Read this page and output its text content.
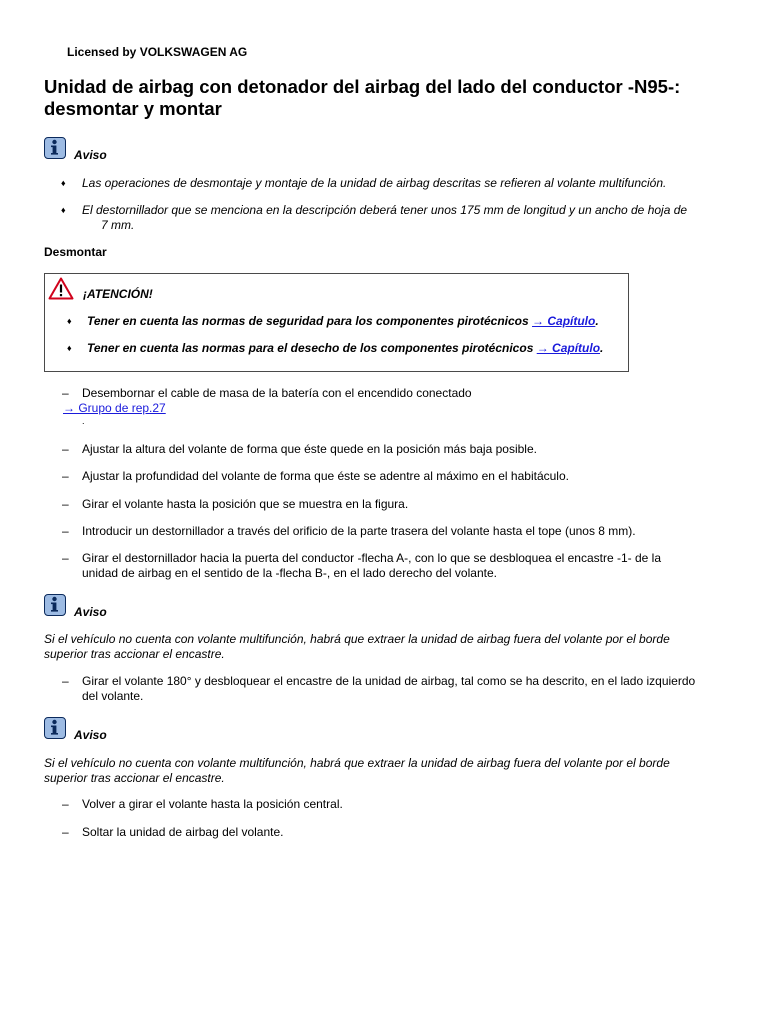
Licensed by VOLKSWAGEN AG
Unidad de airbag con detonador del airbag del lado del conductor -N95-:
desmontar y montar
Aviso
♦ Las operaciones de desmontaje y montaje de la unidad de airbag descritas se refieren al volante multifunción.
♦ El destornillador que se menciona en la descripción deberá tener unos 175 mm de longitud y un ancho de hoja de
7 mm.
Desmontar
¡ATENCIÓN!
♦ Tener en cuenta las normas de seguridad para los componentes pirotécnicos → Capítulo.
♦ Tener en cuenta las normas para el desecho de los componentes pirotécnicos → Capítulo.
– Desembornar el cable de masa de la batería con el encendido conectado
→ Grupo de rep.27
.
– Ajustar la altura del volante de forma que éste quede en la posición más baja posible.
– Ajustar la profundidad del volante de forma que éste se adentre al máximo en el habitáculo.
– Girar el volante hasta la posición que se muestra en la figura.
– Introducir un destornillador a través del orificio de la parte trasera del volante hasta el tope (unos 8 mm).
– Girar el destornillador hacia la puerta del conductor -flecha A-, con lo que se desbloquea el encastre -1- de la
unidad de airbag en el sentido de la -flecha B-, en el lado derecho del volante.
Aviso
Si el vehículo no cuenta con volante multifunción, habrá que extraer la unidad de airbag fuera del volante por el borde
superior tras accionar el encastre.
– Girar el volante 180° y desbloquear el encastre de la unidad de airbag, tal como se ha descrito, en el lado izquierdo
del volante.
Aviso
Si el vehículo no cuenta con volante multifunción, habrá que extraer la unidad de airbag fuera del volante por el borde
superior tras accionar el encastre.
– Volver a girar el volante hasta la posición central.
– Soltar la unidad de airbag del volante.
